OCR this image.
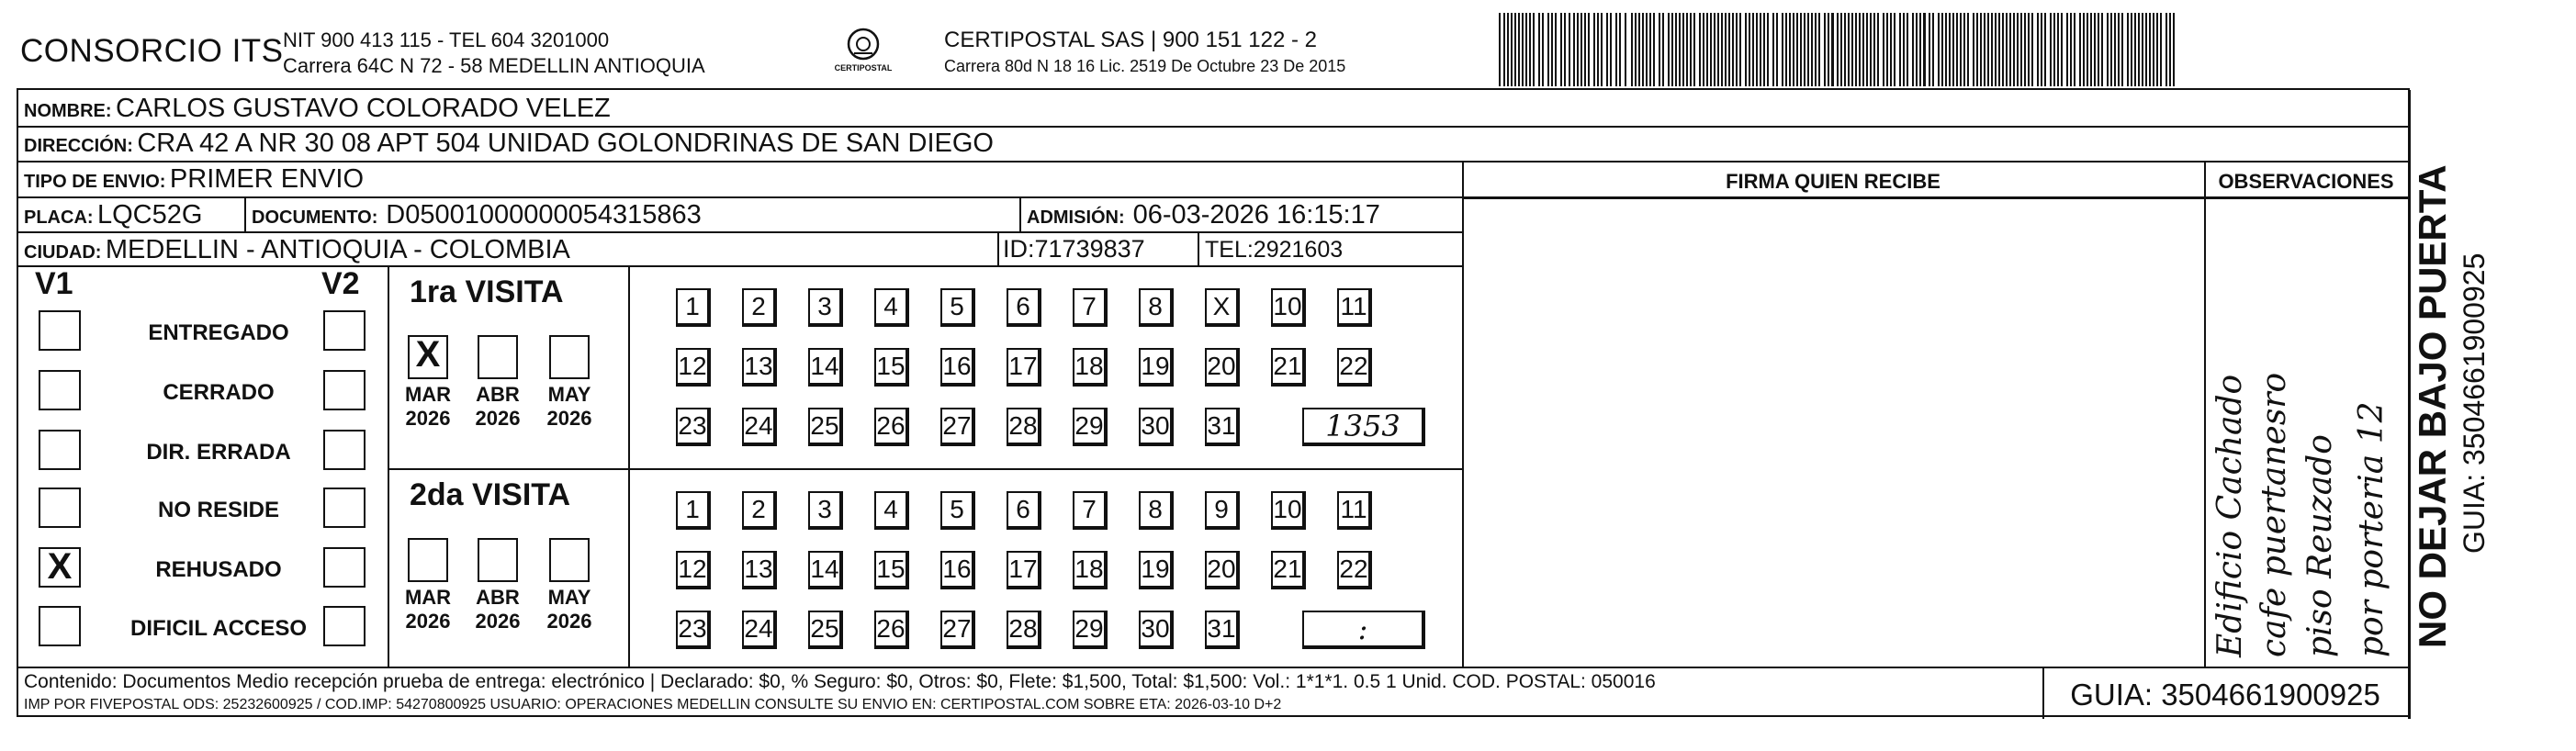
CONSORCIO ITS NIT 900 413 115 - TEL 604 3201000
Carrera 64C N 72 - 58 MEDELLIN ANTIOQUIA	CERTIPOSTAL
CERTIPOSTAL SAS | 900 151 122 - 2
Carrera 80d N 18 16 Lic. 2519 De Octubre 23 De 2015
NOMBRE: CARLOS GUSTAVO COLORADO VELEZ
DIRECCIÓN: CRA 42 A NR 30 08 APT 504 UNIDAD GOLONDRINAS DE SAN DIEGO
TIPO DE ENVIO: PRIMER ENVIO
PLACA: LQC52G	DOCUMENTO: D05001000000054315863	ADMISIÓN: 06-03-2026 16:15:17
CIUDAD: MEDELLIN - ANTIOQUIA - COLOMBIA	ID:71739837	TEL:2921603
FIRMA QUIEN RECIBE	OBSERVACIONES
Edificio Cachado cafe puertanesro piso Reuzado por porteria 12
V1	V2
ENTREGADO
CERRADO
DIR. ERRADA
NO RESIDE
X	REHUSADO
DIFICIL ACCESO
1ra VISITA
X
MAR
2026
ABR
2026
MAY
2026
1	2	3	4	5	6	7	8	X	10 11
12 13 14 15 16 17 18 19 20 21 22
23 24 25 26 27 28 29 30 31	1353
2da VISITA
MAR
2026
ABR
2026
MAY
2026
1	2	3	4	5	6	7	8	9	10 11
12 13 14 15 16 17 18 19 20 21 22
23 24 25 26 27 28 29 30 31	:
Contenido: Documentos Medio recepción prueba de entrega: electrónico | Declarado: $0, % Seguro: $0, Otros: $0, Flete: $1,500, Total: $1,500: Vol.: 1*1*1. 0.5 1 Unid. COD. POSTAL: 050016
IMP POR FIVEPOSTAL ODS: 25232600925 / COD.IMP: 54270800925 USUARIO: OPERACIONES MEDELLIN CONSULTE SU ENVIO EN: CERTIPOSTAL.COM SOBRE ETA: 2026-03-10 D+2	GUIA: 3504661900925
NO DEJAR BAJO PUERTA GUIA: 3504661900925
